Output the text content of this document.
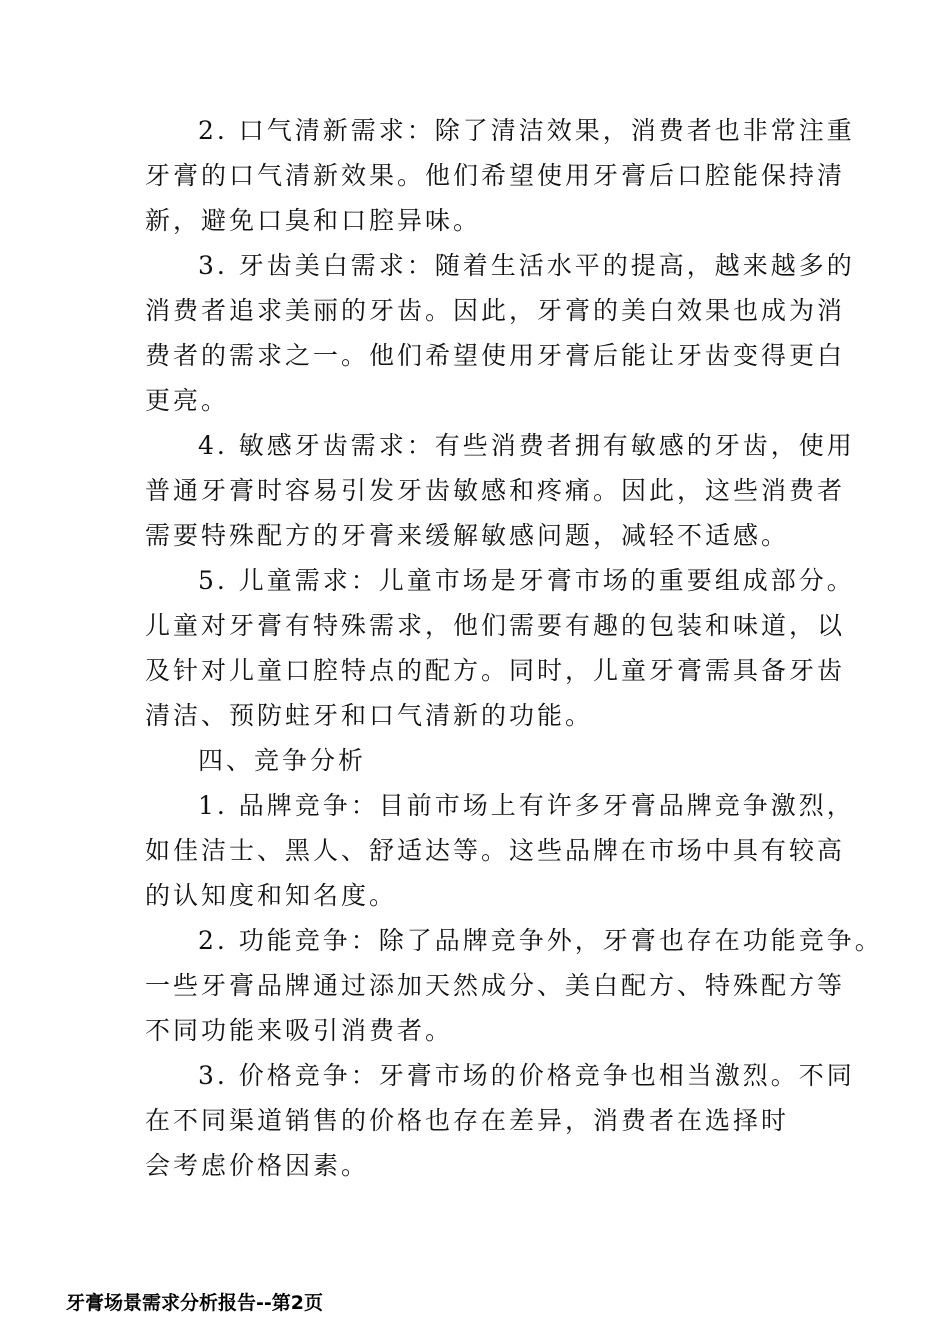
2. 口气清新需求：除了清洁效果，消费者也非常注重
牙膏的口气清新效果。他们希望使用牙膏后口腔能保持清
新，避免口臭和口腔异味。
3. 牙齿美白需求：随着生活水平的提高，越来越多的
消费者追求美丽的牙齿。因此，牙膏的美白效果也成为消
费者的需求之一。他们希望使用牙膏后能让牙齿变得更白
更亮。
4. 敏感牙齿需求：有些消费者拥有敏感的牙齿，使用
普通牙膏时容易引发牙齿敏感和疼痛。因此，这些消费者
需要特殊配方的牙膏来缓解敏感问题，减轻不适感。
5. 儿童需求：儿童市场是牙膏市场的重要组成部分。
儿童对牙膏有特殊需求，他们需要有趣的包装和味道，以
及针对儿童口腔特点的配方。同时，儿童牙膏需具备牙齿
清洁、预防蛀牙和口气清新的功能。
四、竞争分析
1. 品牌竞争：目前市场上有许多牙膏品牌竞争激烈，
如佳洁士、黑人、舒适达等。这些品牌在市场中具有较高
的认知度和知名度。
2. 功能竞争：除了品牌竞争外，牙膏也存在功能竞争。
一些牙膏品牌通过添加天然成分、美白配方、特殊配方等
不同功能来吸引消费者。
3. 价格竞争：牙膏市场的价格竞争也相当激烈。不同
在不同渠道销售的价格也存在差异，消费者在选择时
会考虑价格因素。
牙膏场景需求分析报告--第2页
